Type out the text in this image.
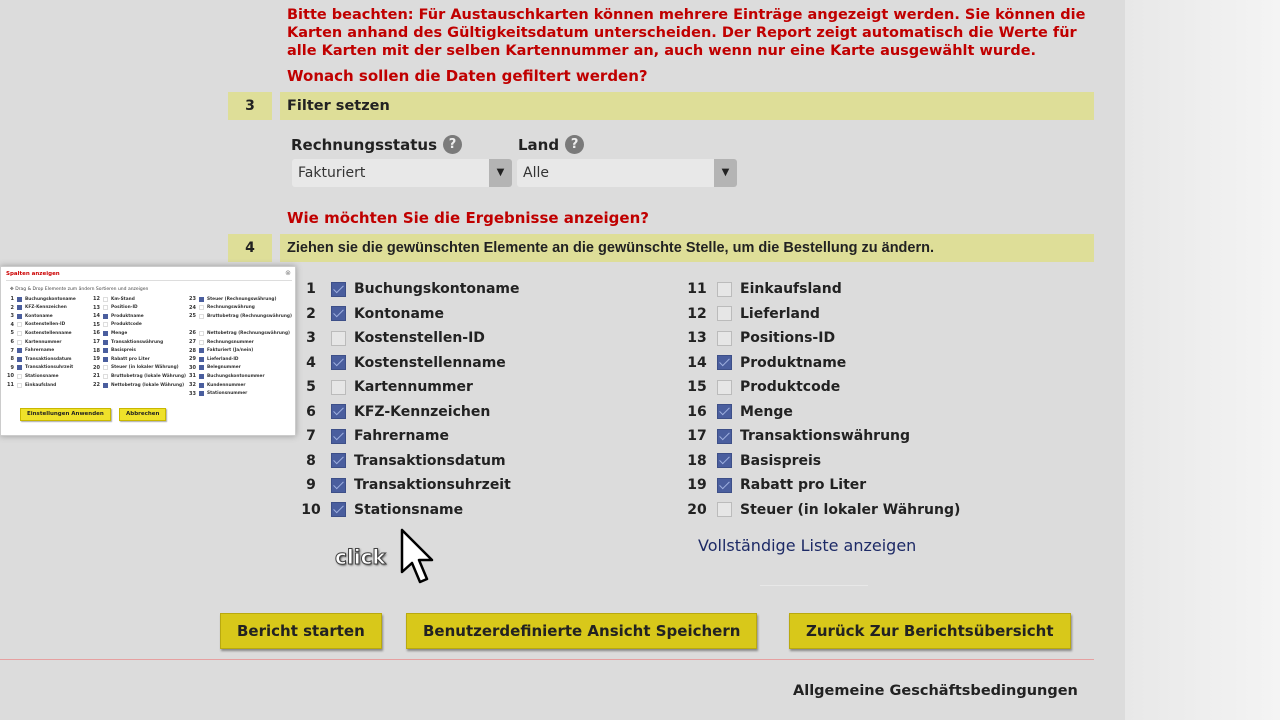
Bitte beachten: Für Austauschkarten können mehrere Einträge angezeigt werden. Sie können die Karten anhand des Gültigkeitsdatum unterscheiden. Der Report zeigt automatisch die Werte für alle Karten mit der selben Kartennummer an, auch wenn nur eine Karte ausgewählt wurde.
Wonach sollen die Daten gefiltert werden?
3	Filter setzen
Rechnungsstatus ?	Land ?
Fakturiert	▼	Alle	▼
Wie möchten Sie die Ergebnisse anzeigen?
4	Ziehen sie die gewünschten Elemente an die gewünschte Stelle, um die Bestellung zu ändern.
1	Buchungskontoname
2	Kontoname
3	Kostenstellen-ID
4	Kostenstellenname
5	Kartennummer
6	KFZ-Kennzeichen
7	Fahrername
8	Transaktionsdatum
9	Transaktionsuhrzeit
10	Stationsname
11	Einkaufsland
12	Lieferland
13	Positions-ID
14	Produktname
15	Produktcode
16	Menge
17	Transaktionswährung
18	Basispreis
19	Rabatt pro Liter
20	Steuer (in lokaler Währung)
Vollständige Liste anzeigen
Bericht starten	Benutzerdefinierte Ansicht Speichern	Zurück Zur Berichtsübersicht
Allgemeine Geschäftsbedingungen
Spalten anzeigen	⊗
✥ Drag & Drop Elemente zum ändern Sortieren und anzeigen
1	Buchungskontoname
2	KFZ-Kennzeichen
3	Kontoname
4	Kostenstellen-ID
5	Kostenstellenname
6	Kartennummer
7	Fahrername
8	Transaktionsdatum
9	Transaktionsuhrzeit
10	Stationsname
11	Einkaufsland
12	Km-Stand
13	Position-ID
14	Produktname
15	Produktcode
16	Menge
17	Transaktionswährung
18	Basispreis
19	Rabatt pro Liter
20	Steuer (in lokaler Währung)
21	Bruttobetrag (lokale Währung)
22	Nettobetrag (lokale Währung)
23	Steuer (Rechnungswährung)
24	Rechnungswährung
25	Bruttobetrag (Rechnungswährung)
26	Nettobetrag (Rechnungswährung)
27	Rechnungsnummer
28	Fakturiert (Ja/nein)
29	Lieferland-ID
30	Belegnummer
31	Buchungskontonummer
32	Kundennummer
33	Stationsnummer
Einstellungen Anwenden	Abbrechen
click
